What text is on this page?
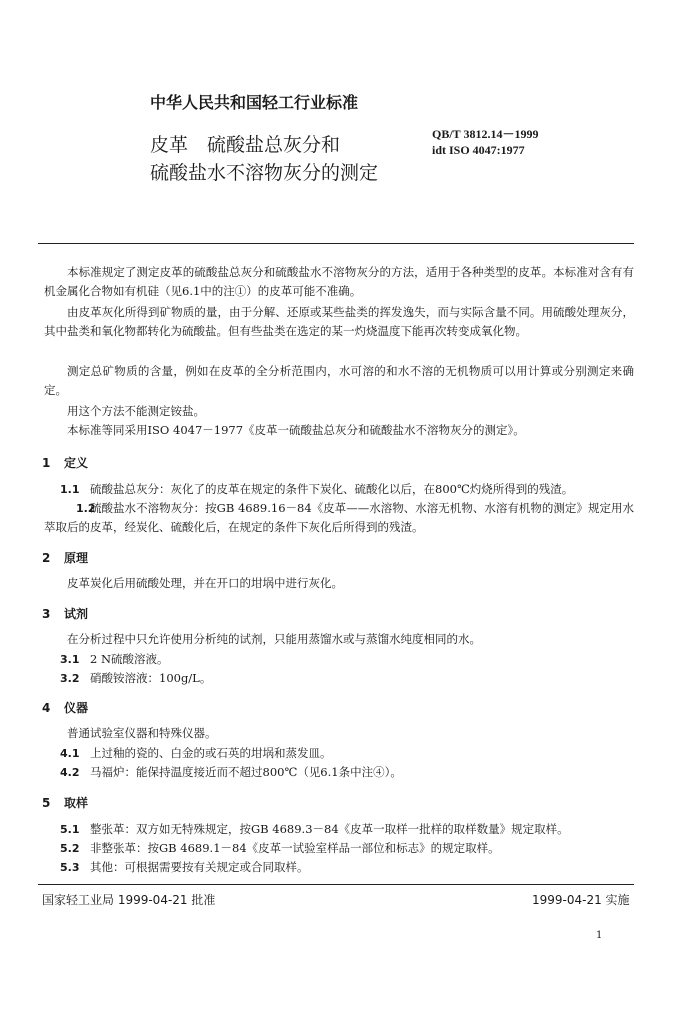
中华人民共和国轻工行业标准
皮革　硫酸盐总灰分和
硫酸盐水不溶物灰分的测定
QB/T 3812.14－1999
idt ISO 4047:1977
本标准规定了测定皮革的硫酸盐总灰分和硫酸盐水不溶物灰分的方法，适用于各种类型的皮革。本标准对含有有机金属化合物如有机硅（见6.1中的注①）的皮革可能不准确。
由皮革灰化所得到矿物质的量，由于分解、还原或某些盐类的挥发逸失，而与实际含量不同。用硫酸处理灰分，其中盐类和氧化物都转化为硫酸盐。但有些盐类在选定的某一灼烧温度下能再次转变成氧化物。
测定总矿物质的含量，例如在皮革的全分析范围内，水可溶的和水不溶的无机物质可以用计算或分别测定来确定。
用这个方法不能测定铵盐。
本标准等同采用ISO 4047－1977《皮革一硫酸盐总灰分和硫酸盐水不溶物灰分的测定》。
1 定义
1.1 硫酸盐总灰分：灰化了的皮革在规定的条件下炭化、硫酸化以后，在800℃灼烧所得到的残渣。
1.2硫酸盐水不溶物灰分：按GB 4689.16－84《皮革——水溶物、水溶无机物、水溶有机物的测定》规定用水萃取后的皮革，经炭化、硫酸化后，在规定的条件下灰化后所得到的残渣。
2 原理
皮革炭化后用硫酸处理，并在开口的坩埚中进行灰化。
3 试剂
在分析过程中只允许使用分析纯的试剂，只能用蒸馏水或与蒸馏水纯度相同的水。
3.1 2 N硫酸溶液。
3.2 硝酸铵溶液：100g/L。
4 仪器
普通试验室仪器和特殊仪器。
4.1 上过釉的瓷的、白金的或石英的坩埚和蒸发皿。
4.2 马福炉：能保持温度接近而不超过800℃（见6.1条中注④）。
5 取样
5.1 整张革：双方如无特殊规定，按GB 4689.3－84《皮革一取样一批样的取样数量》规定取样。
5.2 非整张革：按GB 4689.1－84《皮革一试验室样品一部位和标志》的规定取样。
5.3 其他：可根据需要按有关规定或合同取样。
国家轻工业局 1999-04-21 批准	1999-04-21 实施
1
